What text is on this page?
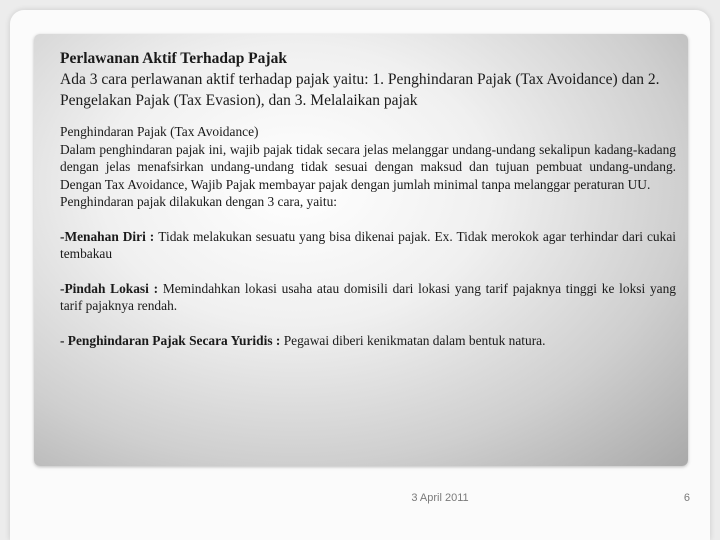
Perlawanan Aktif Terhadap Pajak
Ada 3 cara perlawanan aktif terhadap pajak yaitu: 1. Penghindaran Pajak (Tax Avoidance) dan 2. Pengelakan Pajak (Tax Evasion), dan 3. Melalaikan pajak

Penghindaran Pajak (Tax Avoidance)

Dalam penghindaran pajak ini, wajib pajak tidak secara jelas melanggar undang-undang sekalipun kadang-kadang dengan jelas menafsirkan undang-undang tidak sesuai dengan maksud dan tujuan pembuat undang-undang. Dengan Tax Avoidance, Wajib Pajak membayar pajak dengan jumlah minimal tanpa melanggar peraturan UU.

Penghindaran pajak dilakukan dengan 3 cara, yaitu:

-Menahan Diri : Tidak melakukan sesuatu yang bisa dikenai pajak. Ex. Tidak merokok agar terhindar dari cukai tembakau

-Pindah Lokasi : Memindahkan lokasi usaha atau domisili dari lokasi yang tarif pajaknya tinggi ke loksi yang tarif pajaknya rendah.

- Penghindaran Pajak Secara Yuridis : Pegawai diberi kenikmatan dalam bentuk natura.

3 April 2011	6
